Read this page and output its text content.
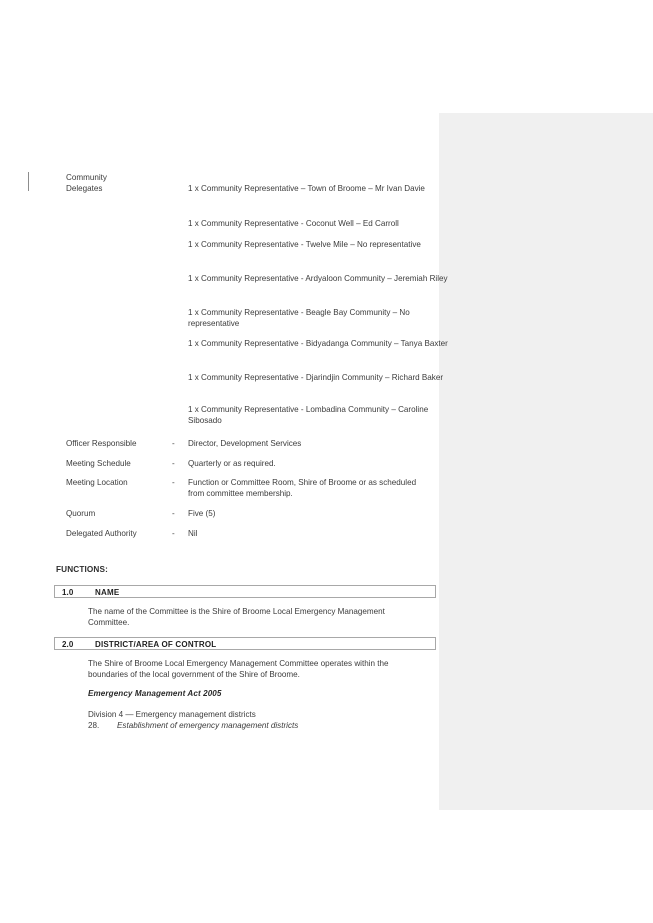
Community
Delegates	1 x Community Representative – Town of Broome – Mr Ivan Davie
1 x Community Representative - Coconut Well – Ed Carroll
1 x Community Representative - Twelve Mile – No representative
1 x Community Representative - Ardyaloon Community – Jeremiah Riley
1 x Community Representative - Beagle Bay Community – No representative
1 x Community Representative - Bidyadanga Community – Tanya Baxter
1 x Community Representative - Djarindjin Community – Richard Baker
1 x Community Representative - Lombadina Community – Caroline Sibosado
Officer Responsible	-	Director, Development Services
Meeting Schedule	-	Quarterly or as required.
Meeting Location	-	Function or Committee Room, Shire of Broome or as scheduled from committee membership.
Quorum	-	Five (5)
Delegated Authority	-	Nil
FUNCTIONS:
1.0	NAME
The name of the Committee is the Shire of Broome Local Emergency Management Committee.
2.0	DISTRICT/AREA OF CONTROL
The Shire of Broome Local Emergency Management Committee operates within the boundaries of the local government of the Shire of Broome.
Emergency Management Act 2005
Division 4 — Emergency management districts
28. Establishment of emergency management districts
